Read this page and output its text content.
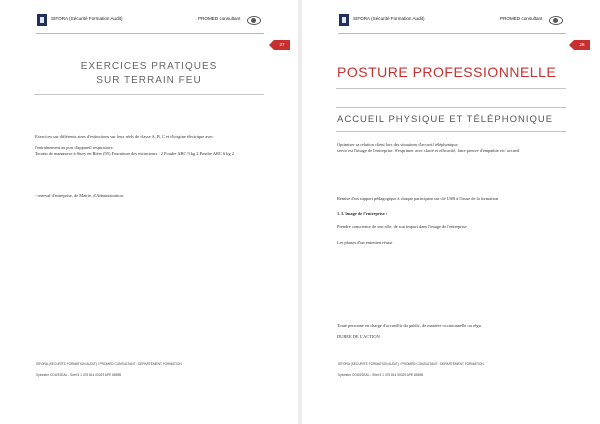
SIFORA (Sécurité Formation Audit)	PROMED consultant
27
EXERCICES PRATIQUES
SUR TERRAIN FEU
Exercices sur différents aires d'extinctions sur feux réels de classe A, B, C et d'origine électrique avec
l'entraînement au port d'appareil respiratoire.
Terrain de manœuvre à Stury en Bière (95) Fourniture des extincteurs : 2 Poudre ABC 9 kg 2 Poudre ABC 6 kg 2
- reneval d'entreprise, de Mairie, d'Administration.
SIFORA (SECURITE FORMATION AUDIT) / PROMED CONSULTANT : DEPARTEMENT FORMATION
Sylvestre COUSSEAL - Siret 5 1 475 814 00029 APE 8559B
SIFORA (Sécurité Formation Audit)	PROMED consultant
28
POSTURE PROFESSIONNELLE
ACCUEIL PHYSIQUE ET TÉLÉPHONIQUE
Optimiser sa relation client lors des situations d'accueil téléphonique
servir est l'image de l'entreprise. S'exprimer avec clarté et efficacité, faire preuve d'empathie etc' accueil
Remise d'un support pédagogique à chaque participant sur clé USB à l'issue de la formation
1. L'image de l'entreprise :
Prendre conscience de son rôle, de son impact dans l'image de l'entreprise
Les phases d'un entretien réussi
Toute personne en charge d'accueillir du public, de manière occasionnelle ou régu
DUREE DE L'ACTION
SIFORA (SECURITE FORMATION AUDIT) / PROMED CONSULTANT : DEPARTEMENT FORMATION
Sylvestre COUSSEAL - Siret 5 1 475 814 00029 APE 8559B
